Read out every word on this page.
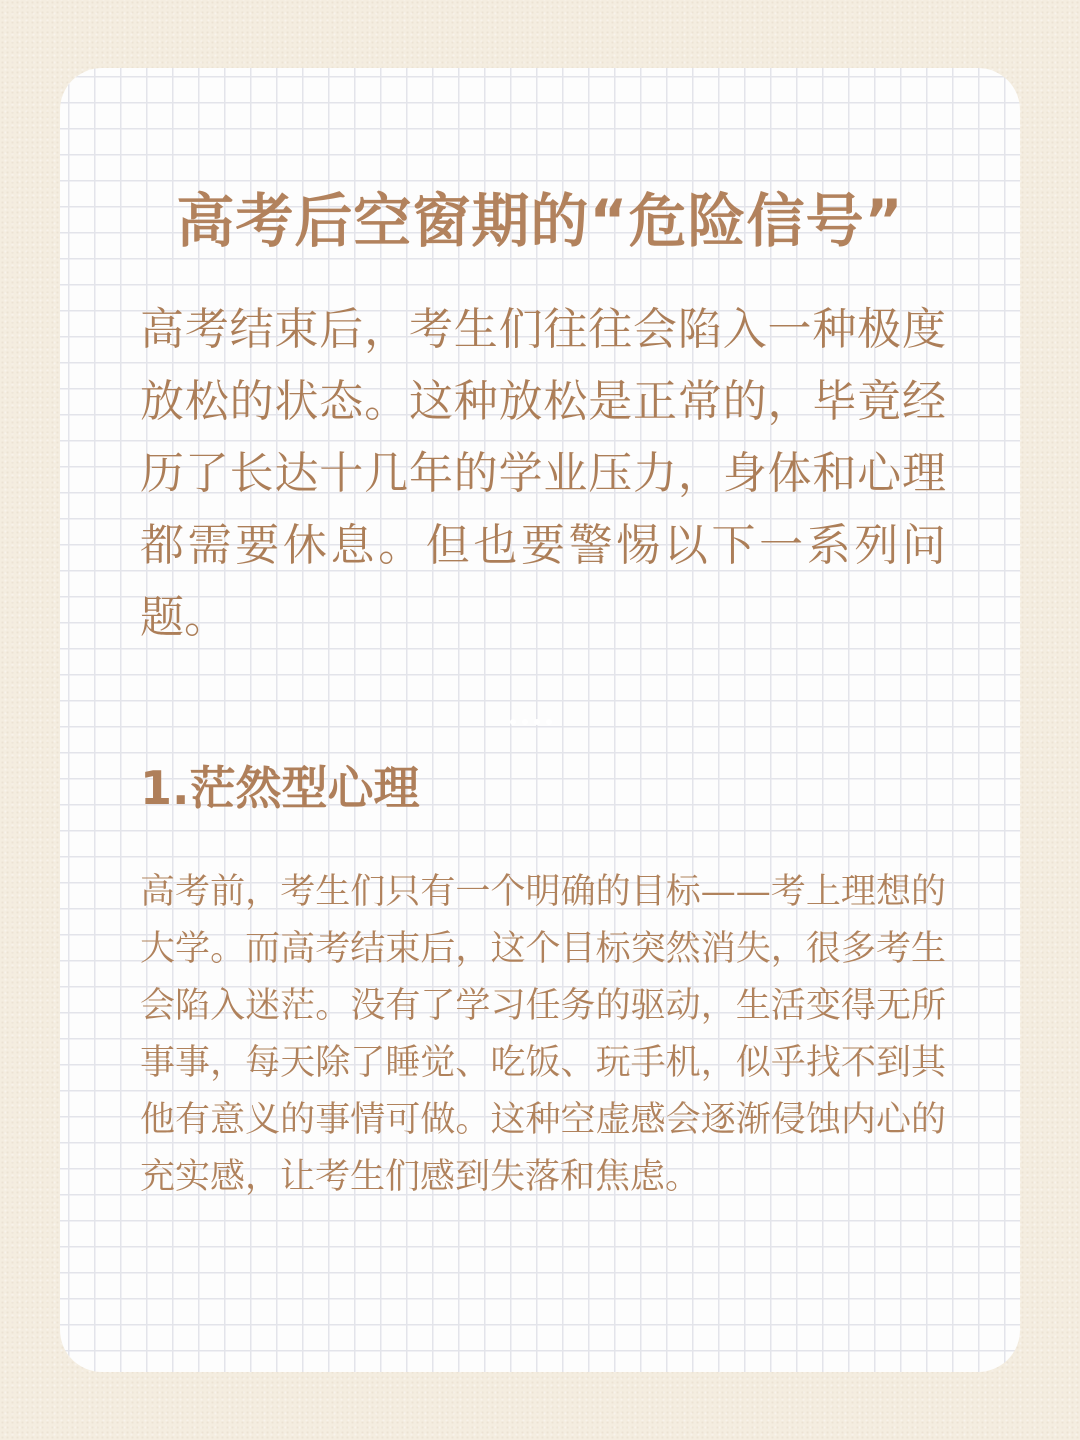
高考后空窗期的“危险信号”

高考结束后，考生们往往会陷入一种极度放松的状态。这种放松是正常的，毕竟经历了长达十几年的学业压力，身体和心理都需要休息。但也要警惕以下一系列问题。

1.茫然型心理

高考前，考生们只有一个明确的目标——考上理想的大学。而高考结束后，这个目标突然消失，很多考生会陷入迷茫。没有了学习任务的驱动，生活变得无所事事，每天除了睡觉、吃饭、玩手机，似乎找不到其他有意义的事情可做。这种空虚感会逐渐侵蚀内心的充实感，让考生们感到失落和焦虑。
